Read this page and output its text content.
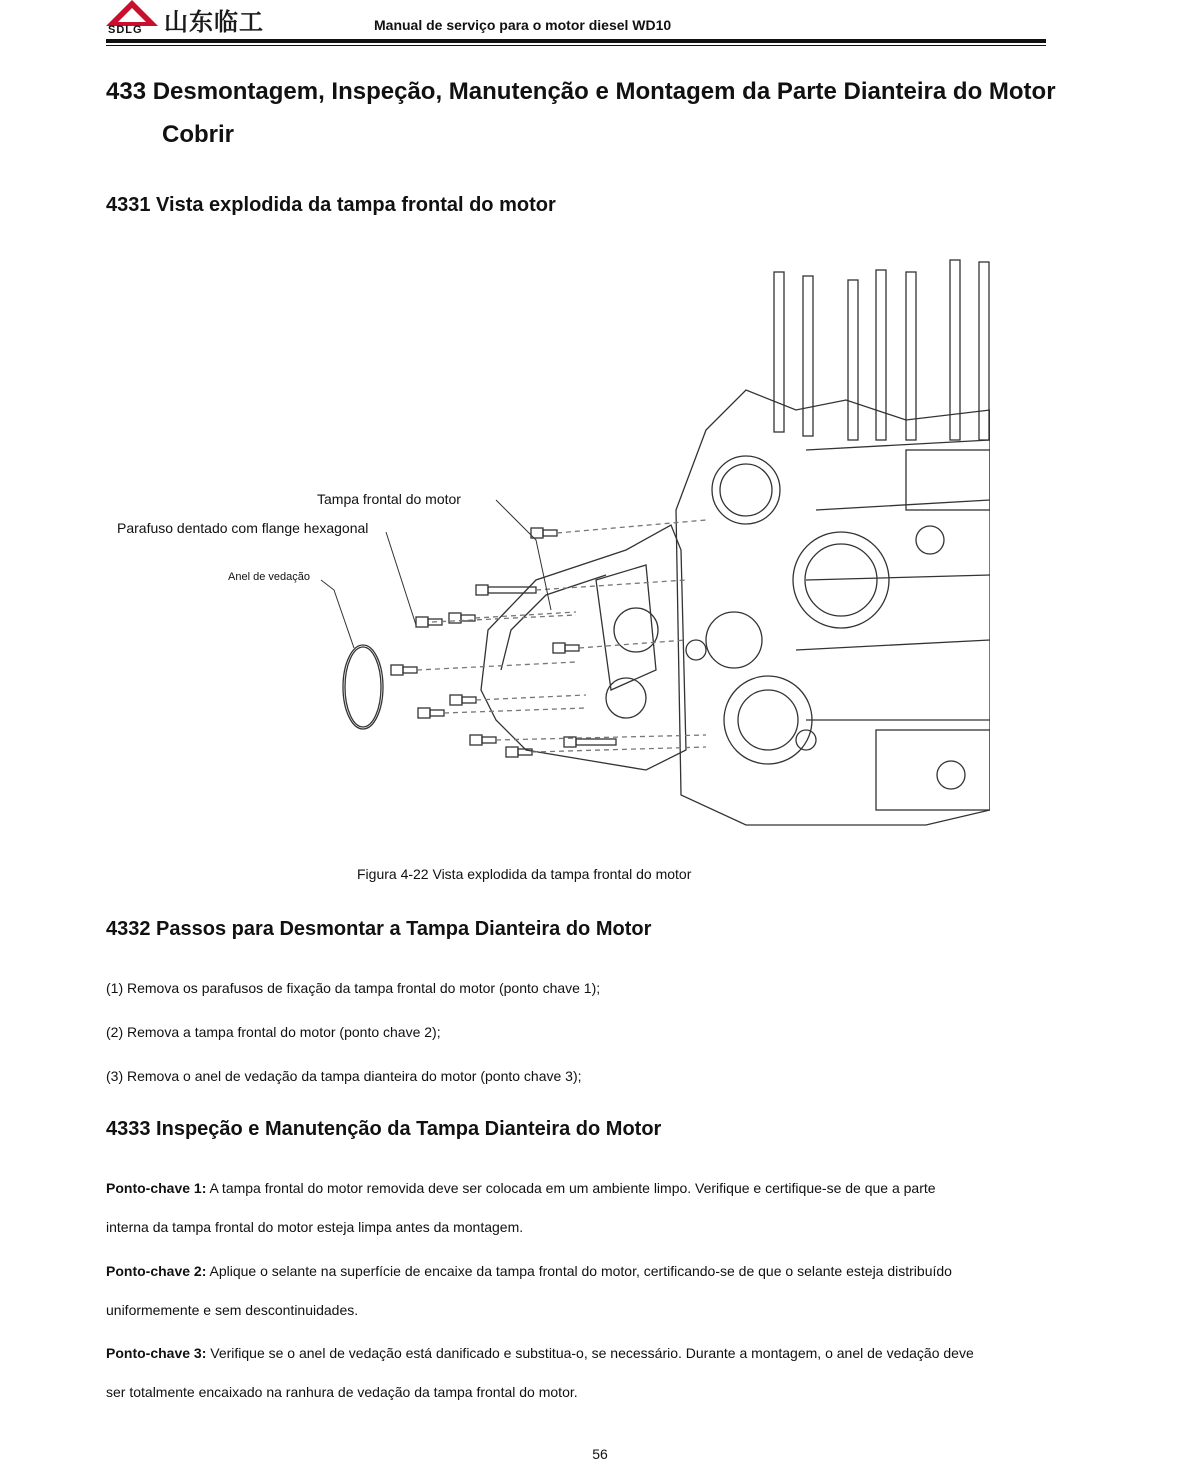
山东临工
SDLG	Manual de serviço para o motor diesel WD10
433 Desmontagem, Inspeção, Manutenção e Montagem da Parte Dianteira do Motor
Cobrir
4331 Vista explodida da tampa frontal do motor
Tampa frontal do motor
Parafuso dentado com flange hexagonal
Anel de vedação
Figura 4-22 Vista explodida da tampa frontal do motor
4332 Passos para Desmontar a Tampa Dianteira do Motor
(1) Remova os parafusos de fixação da tampa frontal do motor (ponto chave 1);
(2) Remova a tampa frontal do motor (ponto chave 2);
(3) Remova o anel de vedação da tampa dianteira do motor (ponto chave 3);
4333 Inspeção e Manutenção da Tampa Dianteira do Motor
Ponto-chave 1: A tampa frontal do motor removida deve ser colocada em um ambiente limpo. Verifique e certifique-se de que a parte
interna da tampa frontal do motor esteja limpa antes da montagem.
Ponto-chave 2: Aplique o selante na superfície de encaixe da tampa frontal do motor, certificando-se de que o selante esteja distribuído
uniformemente e sem descontinuidades.
Ponto-chave 3: Verifique se o anel de vedação está danificado e substitua-o, se necessário. Durante a montagem, o anel de vedação deve
ser totalmente encaixado na ranhura de vedação da tampa frontal do motor.
56
